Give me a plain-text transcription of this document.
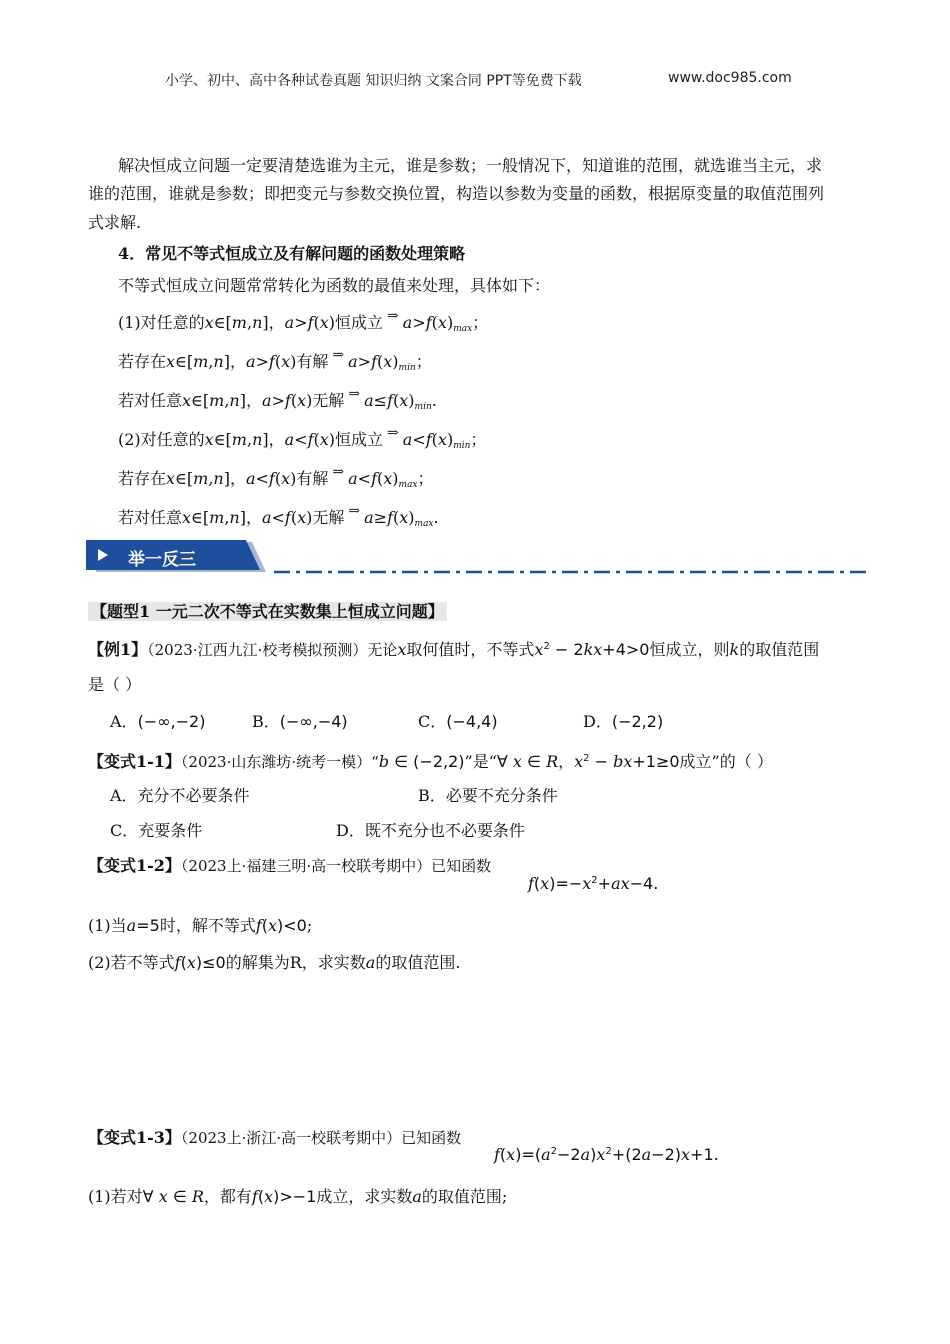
小学、初中、高中各种试卷真题 知识归纳 文案合同 PPT等免费下载	www.doc985.com
解决恒成立问题一定要清楚选谁为主元，谁是参数；一般情况下，知道谁的范围，就选谁当主元，求
谁的范围，谁就是参数；即把变元与参数交换位置，构造以参数为变量的函数，根据原变量的取值范围列
式求解.
4．常见不等式恒成立及有解问题的函数处理策略
不等式恒成立问题常常转化为函数的最值来处理，具体如下：
(1)对任意的x∈[m,n]，a>f(x)恒成立 ⇒ $a>f(x)_{max}$；
若存在x∈[m,n]，a>f(x)有解 ⇒ $a>f(x)_{min}$；
若对任意x∈[m,n]，a>f(x)无解 ⇒ $a\le f(x)_{min}$.
(2)对任意的x∈[m,n]，a<f(x)恒成立 ⇒ $a<f(x)_{min}$；
若存在x∈[m,n]，a<f(x)有解 ⇒ $a<f(x)_{max}$；
若对任意x∈[m,n]，a<f(x)无解 ⇒ $a\ge f(x)_{max}$.
举一反三
【题型1 一元二次不等式在实数集上恒成立问题】
【例1】（2023·江西九江·校考模拟预测）无论x取何值时，不等式$x^2 - 2kx+4>0$恒成立，则k的取值范围
是（ ）
A．(−∞,−2)	B．(−∞,−4)	C．(−4,4)	D．(−2,2)
【变式1-1】（2023·山东潍坊·统考一模）“b ∈ (−2,2)”是“∀ x ∈ R，$x^2 - bx+1\ge 0$成立”的（ ）
A．充分不必要条件	B．必要不充分条件
C．充要条件	D．既不充分也不必要条件
【变式1-2】（2023上·福建三明·高一校联考期中）已知函数
$f(x)=-x^2+ax-4$.
(1)当a=5时，解不等式f(x)<0;
(2)若不等式f(x)≤0的解集为R，求实数a的取值范围.
【变式1-3】（2023上·浙江·高一校联考期中）已知函数
$f(x)=(a^2-2a)x^2+(2a-2)x+1$.
(1)若对∀ x ∈ R，都有f(x)>−1成立，求实数a的取值范围;
